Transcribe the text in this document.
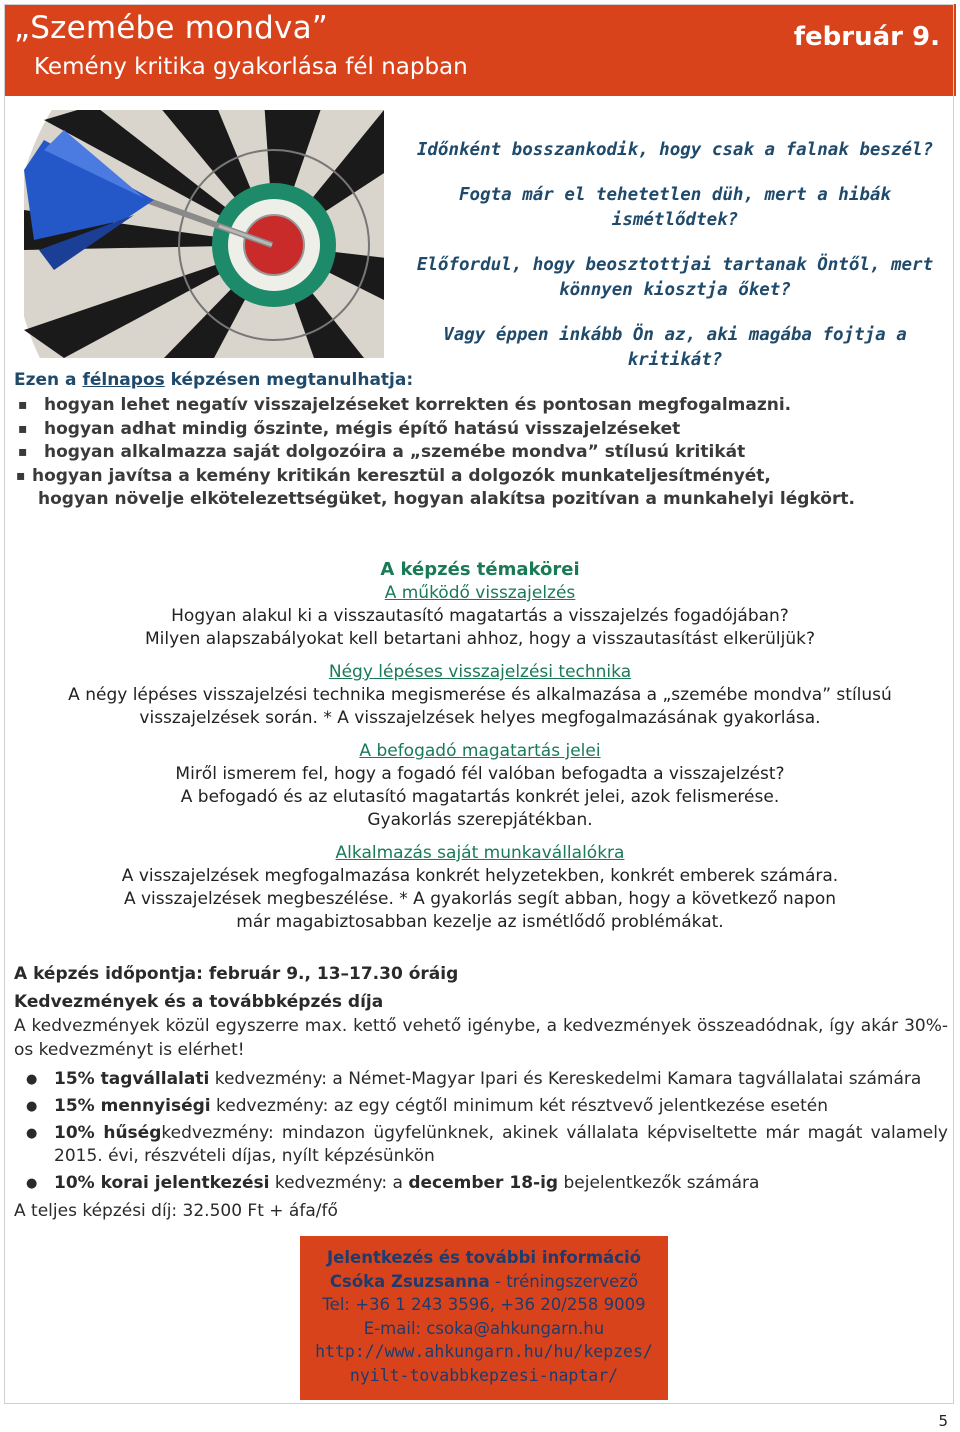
„Szemébe mondva”
Kemény kritika gyakorlása fél napban
február 9.

Időnként bosszankodik, hogy csak a falnak beszél?

Fogta már el tehetetlen düh, mert a hibák ismétlődtek?

Előfordul, hogy beosztottjai tartanak Öntől, mert könnyen kiosztja őket?

Vagy éppen inkább Ön az, aki magába fojtja a kritikát?

Ezen a félnapos képzésen megtanulhatja:
▪ hogyan lehet negatív visszajelzéseket korrekten és pontosan megfogalmazni.
▪ hogyan adhat mindig őszinte, mégis építő hatású visszajelzéseket
▪ hogyan alkalmazza saját dolgozóira a „szemébe mondva” stílusú kritikát
▪ hogyan javítsa a kemény kritikán keresztül a dolgozók munkateljesítményét,
hogyan növelje elkötelezettségüket, hogyan alakítsa pozitívan a munkahelyi légkört.
A képzés témakörei
A működő visszajelzés
Hogyan alakul ki a visszautasító magatartás a visszajelzés fogadójában?
Milyen alapszabályokat kell betartani ahhoz, hogy a visszautasítást elkerüljük?
Négy lépéses visszajelzési technika
A négy lépéses visszajelzési technika megismerése és alkalmazása a „szemébe mondva” stílusú
visszajelzések során. * A visszajelzések helyes megfogalmazásának gyakorlása.
A befogadó magatartás jelei
Miről ismerem fel, hogy a fogadó fél valóban befogadta a visszajelzést?
A befogadó és az elutasító magatartás konkrét jelei, azok felismerése.
Gyakorlás szerepjátékban.
Alkalmazás saját munkavállalókra
A visszajelzések megfogalmazása konkrét helyzetekben, konkrét emberek számára.
A visszajelzések megbeszélése. * A gyakorlás segít abban, hogy a következő napon
már magabiztosabban kezelje az ismétlődő problémákat.
A képzés időpontja: február 9., 13–17.30 óráig
Kedvezmények és a továbbképzés díja
A kedvezmények közül egyszerre max. kettő vehető igénybe, a kedvezmények összeadódnak, így akár 30%-os kedvezményt is elérhet!
● 15% tagvállalati kedvezmény: a Német-Magyar Ipari és Kereskedelmi Kamara tagvállalatai számára
● 15% mennyiségi kedvezmény: az egy cégtől minimum két résztvevő jelentkezése esetén
● 10% hűségkedvezmény: mindazon ügyfelünknek, akinek vállalata képviseltette már magát valamely 2015. évi, részvételi díjas, nyílt képzésünkön
● 10% korai jelentkezési kedvezmény: a december 18-ig bejelentkezők számára
A teljes képzési díj: 32.500 Ft + áfa/fő
Jelentkezés és további információ
Csóka Zsuzsanna - tréningszervező
Tel: +36 1 243 3596, +36 20/258 9009
E-mail: csoka@ahkungarn.hu
http://www.ahkungarn.hu/hu/kepzes/
nyilt-tovabbkepzesi-naptar/
5
